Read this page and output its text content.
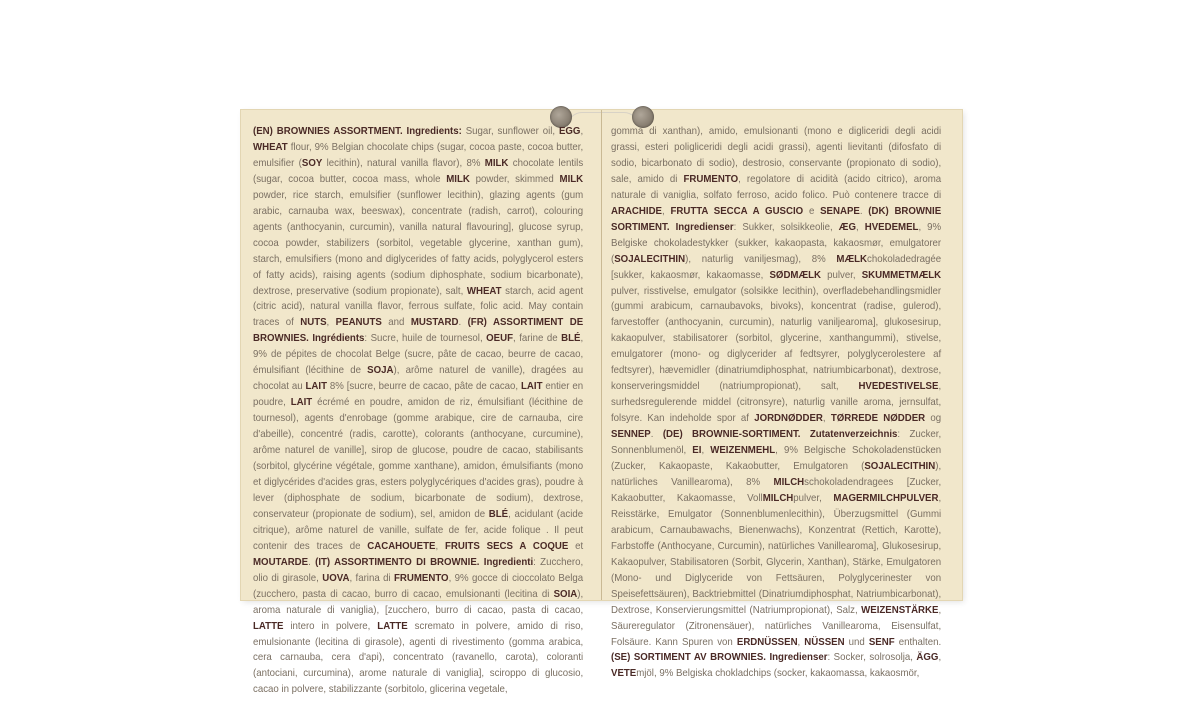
(EN) BROWNIES ASSORTMENT. Ingredients: Sugar, sunflower oil, EGG, WHEAT flour, 9% Belgian chocolate chips (sugar, cocoa paste, cocoa butter, emulsifier (SOY lecithin), natural vanilla flavor), 8% MILK chocolate lentils (sugar, cocoa butter, cocoa mass, whole MILK powder, skimmed MILK powder, rice starch, emulsifier (sunflower lecithin), glazing agents (gum arabic, carnauba wax, beeswax), concentrate (radish, carrot), colouring agents (anthocyanin, curcumin), vanilla natural flavouring], glucose syrup, cocoa powder, stabilizers (sorbitol, vegetable glycerine, xanthan gum), starch, emulsifiers (mono and diglycerides of fatty acids, polyglycerol esters of fatty acids), raising agents (sodium diphosphate, sodium bicarbonate), dextrose, preservative (sodium propionate), salt, WHEAT starch, acid agent (citric acid), natural vanilla flavor, ferrous sulfate, folic acid. May contain traces of NUTS, PEANUTS and MUSTARD. (FR) ASSORTIMENT DE BROWNIES. Ingrédients: Sucre, huile de tournesol, OEUF, farine de BLÉ, 9% de pépites de chocolat Belge (sucre, pâte de cacao, beurre de cacao, émulsifiant (lécithine de SOJA), arôme naturel de vanille), dragées au chocolat au LAIT 8% [sucre, beurre de cacao, pâte de cacao, LAIT entier en poudre, LAIT écrémé en poudre, amidon de riz, émulsifiant (lécithine de tournesol), agents d'enrobage (gomme arabique, cire de carnauba, cire d'abeille), concentré (radis, carotte), colorants (anthocyane, curcumine), arôme naturel de vanille], sirop de glucose, poudre de cacao, stabilisants (sorbitol, glycérine végétale, gomme xanthane), amidon, émulsifiants (mono et diglycérides d'acides gras, esters polyglycériques d'acides gras), poudre à lever (diphosphate de sodium, bicarbonate de sodium), dextrose, conservateur (propionate de sodium), sel, amidon de BLÉ, acidulant (acide citrique), arôme naturel de vanille, sulfate de fer, acide folique . Il peut contenir des traces de CACAHOUETE, FRUITS SECS A COQUE et MOUTARDE. (IT) ASSORTIMENTO DI BROWNIE. Ingredienti: Zucchero, olio di girasole, UOVA, farina di FRUMENTO, 9% gocce di cioccolato Belga (zucchero, pasta di cacao, burro di cacao, emulsionanti (lecitina di SOIA), aroma naturale di vaniglia), [zucchero, burro di cacao, pasta di cacao, LATTE intero in polvere, LATTE scremato in polvere, amido di riso, emulsionante (lecitina di girasole), agenti di rivestimento (gomma arabica, cera carnauba, cera d'api), concentrato (ravanello, carota), coloranti (antociani, curcumina), arome naturale di vaniglia], sciroppo di glucosio, cacao in polvere, stabilizzante (sorbitolo, glicerina vegetale,
gomma di xanthan), amido, emulsionanti (mono e digliceridi degli acidi grassi, esteri poligliceridi degli acidi grassi), agenti lievitanti (difosfato di sodio, bicarbonato di sodio), destrosio, conservante (propionato di sodio), sale, amido di FRUMENTO, regolatore di acidità (acido citrico), aroma naturale di vaniglia, solfato ferroso, acido folico. Può contenere tracce di ARACHIDE, FRUTTA SECCA A GUSCIO e SENAPE. (DK) BROWNIE SORTIMENT. Ingredienser: Sukker, solsikkeolie, ÆG, HVEDEMEL, 9% Belgiske chokoladestykker (sukker, kakaopasta, kakaosmør, emulgatorer (SOJALECITHIN), naturlig vaniljesmag), 8% MÆLKchokoladedragée [sukker, kakaosmør, kakaomasse, SØDMÆLK pulver, SKUMMETMÆLK pulver, risstivelse, emulgator (solsikke lecithin), overfladebehandlingsmidler (gummi arabicum, carnaubavoks, bivoks), koncentrat (radise, gulerod), farvestoffer (anthocyanin, curcumin), naturlig vaniljearoma], glukosesirup, kakaopulver, stabilisatorer (sorbitol, glycerine, xanthangummi), stivelse, emulgatorer (mono- og diglycerider af fedtsyrer, polyglycerolestere af fedtsyrer), hævemidler (dinatriumdiphosphat, natriumbicarbonat), dextrose, konserveringsmiddel (natriumpropionat), salt, HVEDESTIVELSE, surhedsregulerende middel (citronsyre), naturlig vanille aroma, jernsulfat, folsyre. Kan indeholde spor af JORDNØDDER, TØRREDE NØDDER og SENNEP. (DE) BROWNIE-SORTIMENT. Zutatenverzeichnis: Zucker, Sonnenblumenöl, EI, WEIZENMEHL, 9% Belgische Schokoladenstücken (Zucker, Kakaopaste, Kakaobutter, Emulgatoren (SOJALECITHIN), natürliches Vanillearoma), 8% MILCHschokoladendragees [Zucker, Kakaobutter, Kakaomasse, VollMILCHpulver, MAGERMILCHPULVER, Reisstärke, Emulgator (Sonnenblumenlecithin), Überzugsmittel (Gummi arabicum, Carnaubawachs, Bienenwachs), Konzentrat (Rettich, Karotte), Farbstoffe (Anthocyane, Curcumin), natürliches Vanillearoma], Glukosesirup, Kakaopulver, Stabilisatoren (Sorbit, Glycerin, Xanthan), Stärke, Emulgatoren (Mono- und Diglyceride von Fettsäuren, Polyglycerinester von Speisefettsäuren), Backtriebmittel (Dinatriumdiphosphat, Natriumbicarbonat), Dextrose, Konservierungsmittel (Natriumpropionat), Salz, WEIZENSTÄRKE, Säureregulator (Zitronensäuer), natürliches Vanillearoma, Eisensulfat, Folsäure. Kann Spuren von ERDNÜSSEN, NÜSSEN und SENF enthalten. (SE) SORTIMENT AV BROWNIES. Ingredienser: Socker, solrosolja, ÄGG, VETEmjöl, 9% Belgiska chokladchips (socker, kakaomassa, kakaosmör,
